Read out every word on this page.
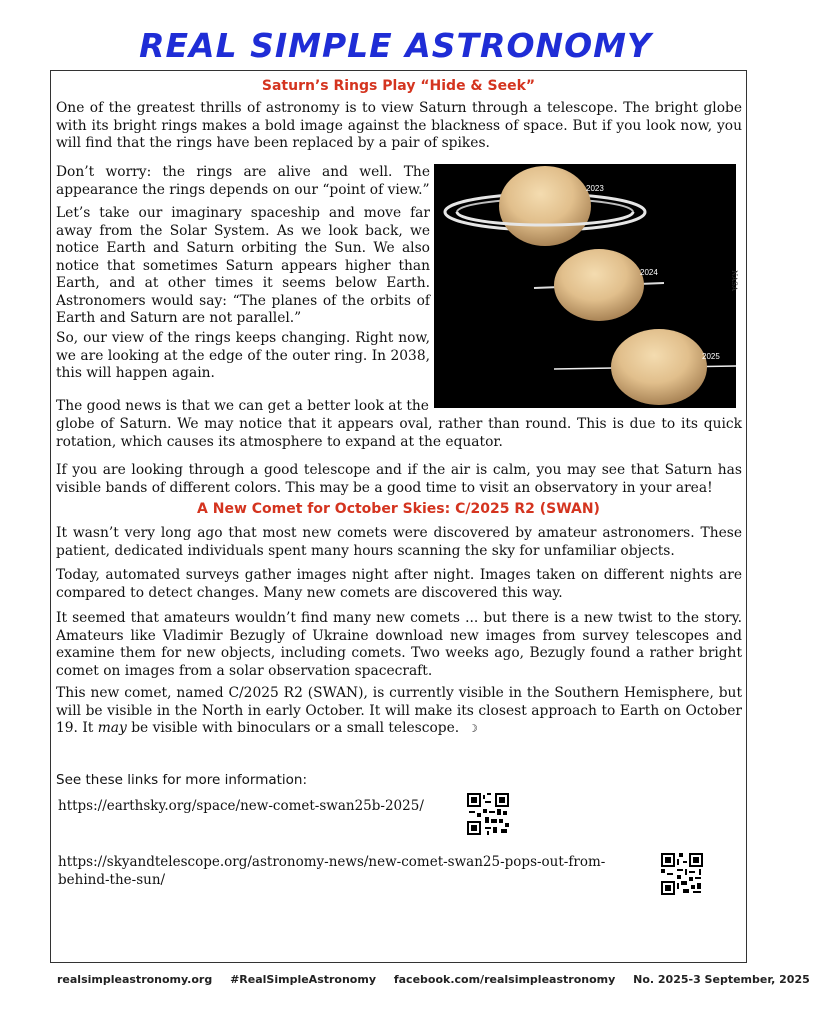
REAL SIMPLE ASTRONOMY
Saturn’s Rings Play “Hide & Seek”

One of the greatest thrills of astronomy is to view Saturn through a telescope. The bright globe with its bright rings makes a bold image against the blackness of space. But if you look now, you will find that the rings have been replaced by a pair of spikes.

Don’t worry: the rings are alive and well. The appearance the rings depends on our “point of view.”

Let’s take our imaginary spaceship and move far away from the Solar System. As we look back, we notice Earth and Saturn orbiting the Sun. We also notice that sometimes Saturn appears higher than Earth, and at other times it seems below Earth. Astronomers would say: “The planes of the orbits of Earth and Saturn are not parallel.”

So, our view of the rings keeps changing. Right now, we are looking at the edge of the outer ring. In 2038, this will happen again.

The good news is that we can get a better look at the

globe of Saturn. We may notice that it appears oval, rather than round. This is due to its quick rotation, which causes its atmosphere to expand at the equator.

If you are looking through a good telescope and if the air is calm, you may see that Saturn has visible bands of different colors. This may be a good time to visit an observatory in your area!

2023
2024
2025
NASA
A New Comet for October Skies: C/2025 R2 (SWAN)

It wasn’t very long ago that most new comets were discovered by amateur astronomers. These patient, dedicated individuals spent many hours scanning the sky for unfamiliar objects.

Today, automated surveys gather images night after night. Images taken on different nights are compared to detect changes. Many new comets are discovered this way.

It seemed that amateurs wouldn’t find many new comets ... but there is a new twist to the story. Amateurs like Vladimir Bezugly of Ukraine download new images from survey telescopes and examine them for new objects, including comets. Two weeks ago, Bezugly found a rather bright comet on images from a solar observation spacecraft.

This new comet, named C/2025 R2 (SWAN), is currently visible in the Southern Hemisphere, but will be visible in the North in early October. It will make its closest approach to Earth on October 19. It may be visible with binoculars or a small telescope. ☽

See these links for more information:
https://earthsky.org/space/new-comet-swan25b-2025/
https://skyandtelescope.org/astronomy-news/new-comet-swan25-pops-out-from-behind-the-sun/
realsimpleastronomy.org #RealSimpleAstronomy facebook.com/realsimpleastronomy No. 2025-3 September, 2025
